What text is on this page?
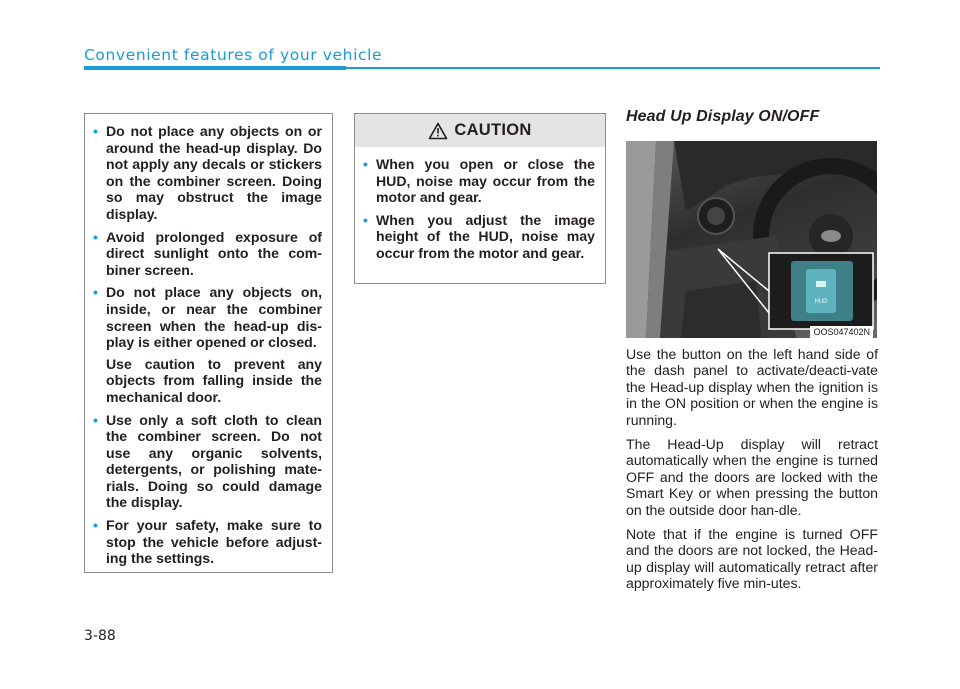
Convenient features of your vehicle
• Do not place any objects on or around the head-up display. Do not apply any decals or stickers on the combiner screen. Doing so may obstruct the image display.

• Avoid prolonged exposure of direct sunlight onto the com-biner screen.

• Do not place any objects on, inside, or near the combiner screen when the head-up dis-play is either opened or closed.

Use caution to prevent any objects from falling inside the mechanical door.

• Use only a soft cloth to clean the combiner screen. Do not use any organic solvents, detergents, or polishing mate-rials. Doing so could damage the display.

• For your safety, make sure to stop the vehicle before adjust-ing the settings.

CAUTION
• When you open or close the HUD, noise may occur from the motor and gear.

• When you adjust the image height of the HUD, noise may occur from the motor and gear.

Head Up Display ON/OFF
HUD
OOS047402N

Use the button on the left hand side of the dash panel to activate/deacti-vate the Head-up display when the ignition is in the ON position or when the engine is running.

The Head-Up display will retract automatically when the engine is turned OFF and the doors are locked with the Smart Key or when pressing the button on the outside door han-dle.

Note that if the engine is turned OFF and the doors are not locked, the Head-up display will automatically retract after approximately five min-utes.

3-88
